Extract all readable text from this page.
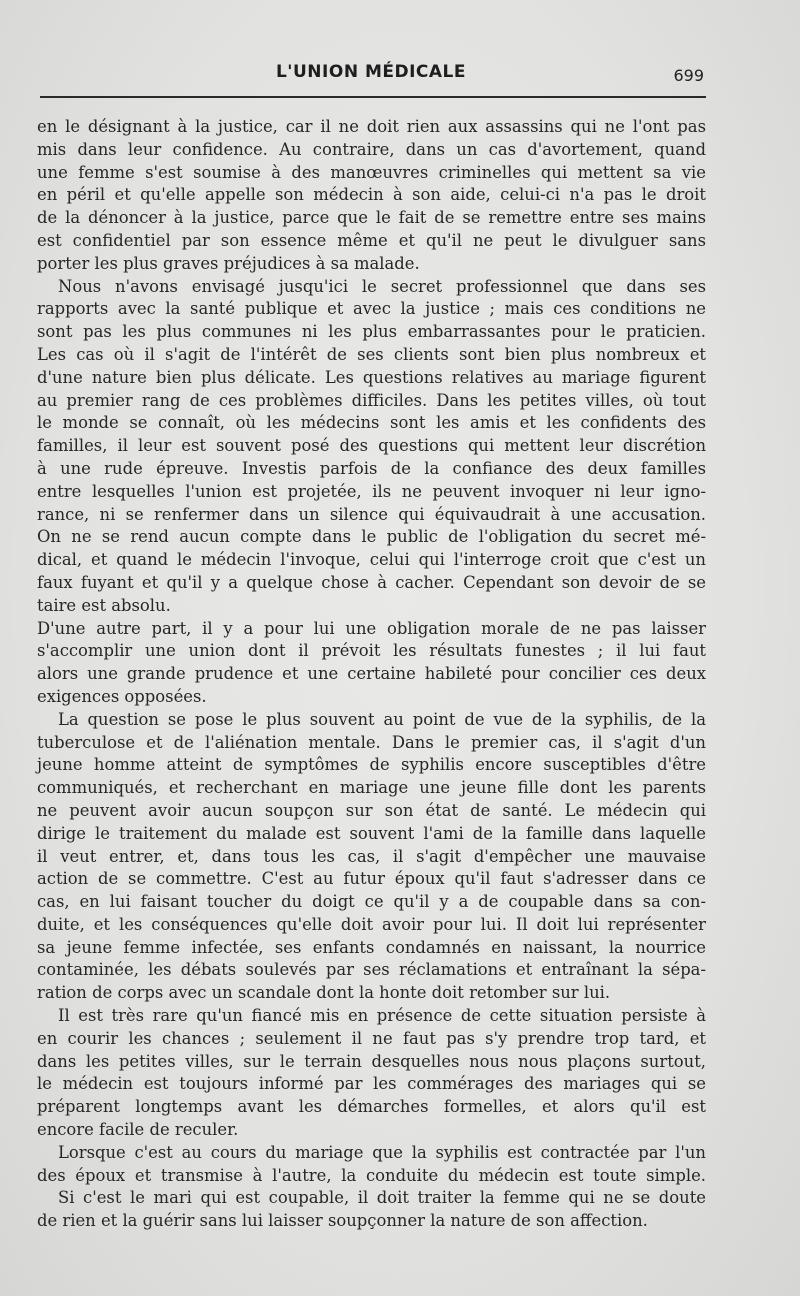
L'UNION MÉDICALE	699
en le désignant à la justice, car il ne doit rien aux assassins qui ne l'ont pas
mis dans leur confidence. Au contraire, dans un cas d'avortement, quand
une femme s'est soumise à des manœuvres criminelles qui mettent sa vie
en péril et qu'elle appelle son médecin à son aide, celui-ci n'a pas le droit
de la dénoncer à la justice, parce que le fait de se remettre entre ses mains
est confidentiel par son essence même et qu'il ne peut le divulguer sans
porter les plus graves préjudices à sa malade.
Nous n'avons envisagé jusqu'ici le secret professionnel que dans ses
rapports avec la santé publique et avec la justice ; mais ces conditions ne
sont pas les plus communes ni les plus embarrassantes pour le praticien.
Les cas où il s'agit de l'intérêt de ses clients sont bien plus nombreux et
d'une nature bien plus délicate. Les questions relatives au mariage figurent
au premier rang de ces problèmes difficiles. Dans les petites villes, où tout
le monde se connaît, où les médecins sont les amis et les confidents des
familles, il leur est souvent posé des questions qui mettent leur discrétion
à une rude épreuve. Investis parfois de la confiance des deux familles
entre lesquelles l'union est projetée, ils ne peuvent invoquer ni leur igno-
rance, ni se renfermer dans un silence qui équivaudrait à une accusation.
On ne se rend aucun compte dans le public de l'obligation du secret mé-
dical, et quand le médecin l'invoque, celui qui l'interroge croit que c'est un
faux fuyant et qu'il y a quelque chose à cacher. Cependant son devoir de se
taire est absolu.
D'une autre part, il y a pour lui une obligation morale de ne pas laisser
s'accomplir une union dont il prévoit les résultats funestes ; il lui faut
alors une grande prudence et une certaine habileté pour concilier ces deux
exigences opposées.
La question se pose le plus souvent au point de vue de la syphilis, de la
tuberculose et de l'aliénation mentale. Dans le premier cas, il s'agit d'un
jeune homme atteint de symptômes de syphilis encore susceptibles d'être
communiqués, et recherchant en mariage une jeune fille dont les parents
ne peuvent avoir aucun soupçon sur son état de santé. Le médecin qui
dirige le traitement du malade est souvent l'ami de la famille dans laquelle
il veut entrer, et, dans tous les cas, il s'agit d'empêcher une mauvaise
action de se commettre. C'est au futur époux qu'il faut s'adresser dans ce
cas, en lui faisant toucher du doigt ce qu'il y a de coupable dans sa con-
duite, et les conséquences qu'elle doit avoir pour lui. Il doit lui représenter
sa jeune femme infectée, ses enfants condamnés en naissant, la nourrice
contaminée, les débats soulevés par ses réclamations et entraînant la sépa-
ration de corps avec un scandale dont la honte doit retomber sur lui.
Il est très rare qu'un fiancé mis en présence de cette situation persiste à
en courir les chances ; seulement il ne faut pas s'y prendre trop tard, et
dans les petites villes, sur le terrain desquelles nous nous plaçons surtout,
le médecin est toujours informé par les commérages des mariages qui se
préparent longtemps avant les démarches formelles, et alors qu'il est
encore facile de reculer.
Lorsque c'est au cours du mariage que la syphilis est contractée par l'un
des époux et transmise à l'autre, la conduite du médecin est toute simple.
Si c'est le mari qui est coupable, il doit traiter la femme qui ne se doute
de rien et la guérir sans lui laisser soupçonner la nature de son affection.
